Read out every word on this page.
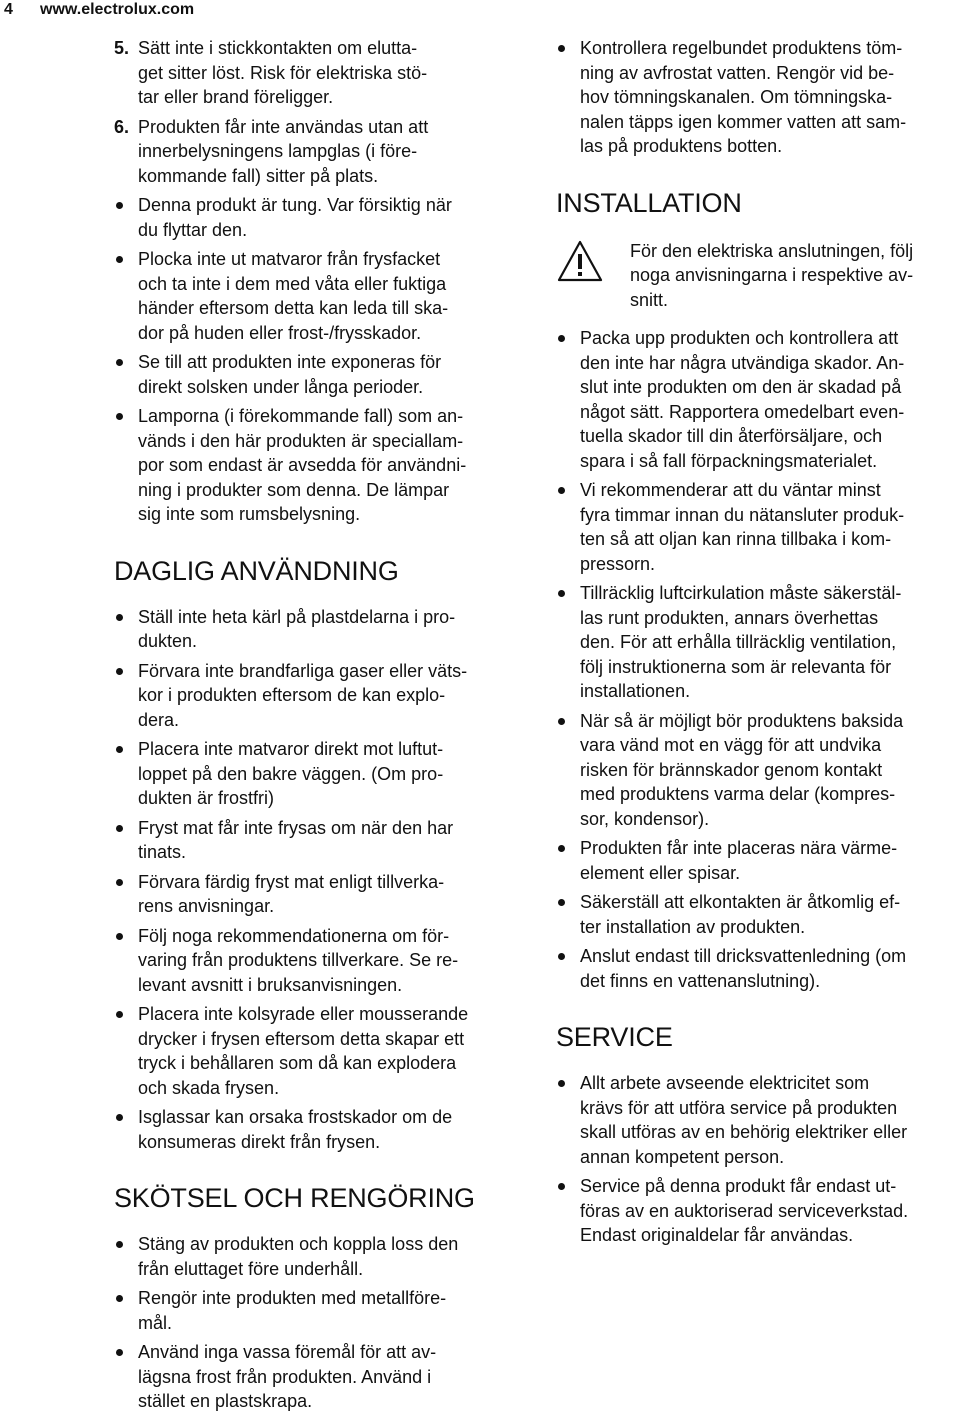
4 www.electrolux.com
5. Sätt inte i stickkontakten om elutta-
get sitter löst. Risk för elektriska stö-
tar eller brand föreligger.
6. Produkten får inte användas utan att
innerbelysningens lampglas (i före-
kommande fall) sitter på plats.
Denna produkt är tung. Var försiktig när
du flyttar den.
Plocka inte ut matvaror från frysfacket
och ta inte i dem med våta eller fuktiga
händer eftersom detta kan leda till ska-
dor på huden eller frost-/frysskador.
Se till att produkten inte exponeras för
direkt solsken under långa perioder.
Lamporna (i förekommande fall) som an-
vänds i den här produkten är speciallam-
por som endast är avsedda för användni-
ning i produkter som denna. De lämpar
sig inte som rumsbelysning.
DAGLIG ANVÄNDNING
Ställ inte heta kärl på plastdelarna i pro-
dukten.
Förvara inte brandfarliga gaser eller väts-
kor i produkten eftersom de kan explo-
dera.
Placera inte matvaror direkt mot luftut-
loppet på den bakre väggen. (Om pro-
dukten är frostfri)
Fryst mat får inte frysas om när den har
tinats.
Förvara färdig fryst mat enligt tillverka-
rens anvisningar.
Följ noga rekommendationerna om för-
varing från produktens tillverkare. Se re-
levant avsnitt i bruksanvisningen.
Placera inte kolsyrade eller mousserande
drycker i frysen eftersom detta skapar ett
tryck i behållaren som då kan explodera
och skada frysen.
Isglassar kan orsaka frostskador om de
konsumeras direkt från frysen.
SKÖTSEL OCH RENGÖRING
Stäng av produkten och koppla loss den
från eluttaget före underhåll.
Rengör inte produkten med metallföre-
mål.
Använd inga vassa föremål för att av-
lägsna frost från produkten. Använd i
stället en plastskrapa.
Kontrollera regelbundet produktens töm-
ning av avfrostat vatten. Rengör vid be-
hov tömningskanalen. Om tömningska-
nalen täpps igen kommer vatten att sam-
las på produktens botten.
INSTALLATION
För den elektriska anslutningen, följ
noga anvisningarna i respektive av-
snitt.
Packa upp produkten och kontrollera att
den inte har några utvändiga skador. An-
slut inte produkten om den är skadad på
något sätt. Rapportera omedelbart even-
tuella skador till din återförsäljare, och
spara i så fall förpackningsmaterialet.
Vi rekommenderar att du väntar minst
fyra timmar innan du nätansluter produk-
ten så att oljan kan rinna tillbaka i kom-
pressorn.
Tillräcklig luftcirkulation måste säkerstäl-
las runt produkten, annars överhettas
den. För att erhålla tillräcklig ventilation,
följ instruktionerna som är relevanta för
installationen.
När så är möjligt bör produktens baksida
vara vänd mot en vägg för att undvika
risken för brännskador genom kontakt
med produktens varma delar (kompres-
sor, kondensor).
Produkten får inte placeras nära värme-
element eller spisar.
Säkerställ att elkontakten är åtkomlig ef-
ter installation av produkten.
Anslut endast till dricksvattenledning (om
det finns en vattenanslutning).
SERVICE
Allt arbete avseende elektricitet som
krävs för att utföra service på produkten
skall utföras av en behörig elektriker eller
annan kompetent person.
Service på denna produkt får endast ut-
föras av en auktoriserad serviceverkstad.
Endast originaldelar får användas.
